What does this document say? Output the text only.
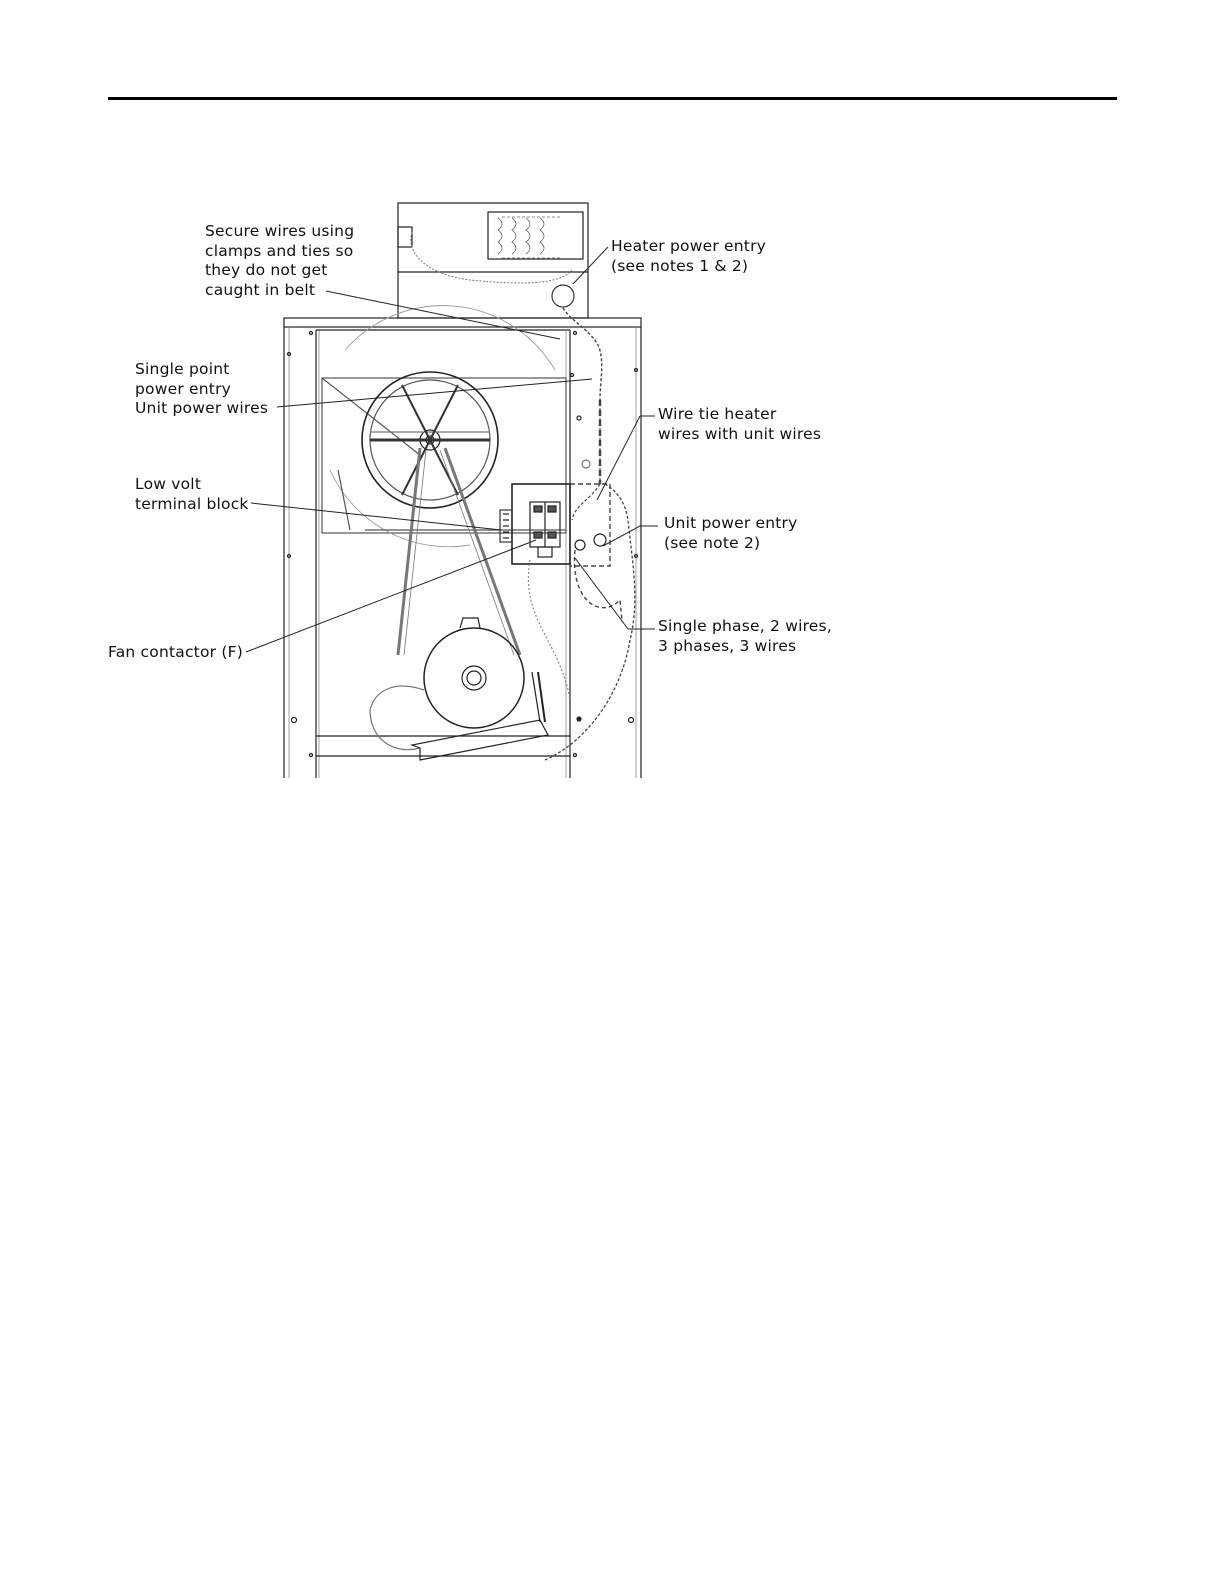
Secure wires using
clamps and ties so
they do not get
caught in belt
Heater power entry
(see notes 1 & 2)
Single point
power entry
Unit power wires	Wire tie heater
wires with unit wires
Low volt
terminal block
Unit power entry
(see note 2)
Fan contactor (F)
Single phase, 2 wires,
3 phases, 3 wires
